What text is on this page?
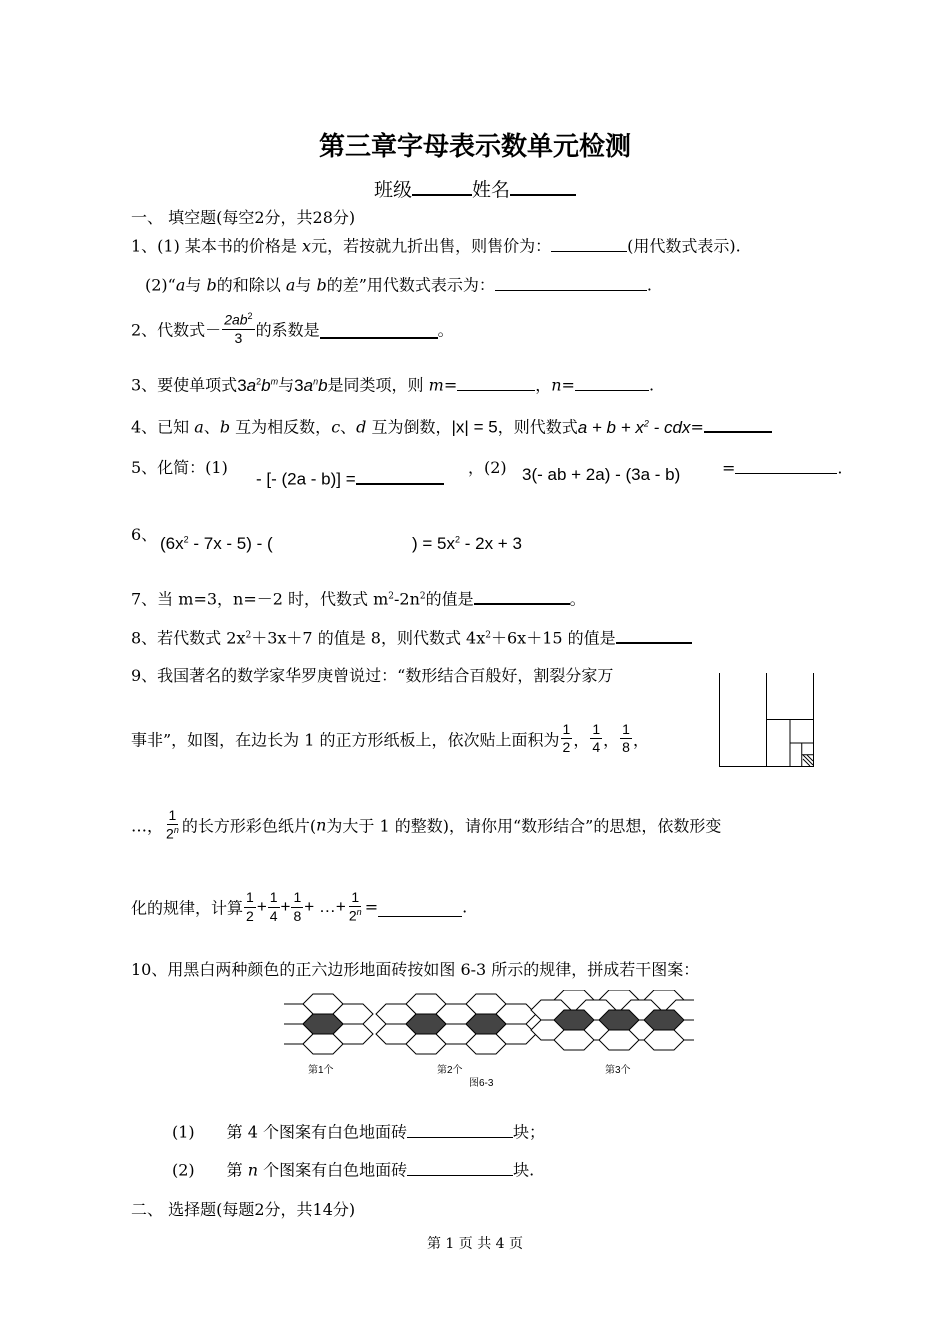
第三章字母表示数单元检测
班级	姓名
一、 填空题(每空2分，共28分)
1、(1) 某本书的价格是 x元，若按就九折出售，则售价为：	(用代数式表示).
(2)“a与 b的和除以 a与 b的差”用代数式表示为：	.
2、代数式－ $\frac{2ab^2}{3}$ 的系数是	。
3、要使单项式$3a^2b^m$与$3a^nb$是同类项，则 m=	，n=	.
4、已知 a、b 互为相反数，c、d 互为倒数，|x| = 5，则代数式$a + b + x^2 - cdx=$
5、化简：(1)
- [- (2a - b)] =
，(2) 3(- ab + 2a) - (3a - b)	=	.
6、 $(6x^2 - 7x - 5)$ - (	) = $5x^2 - 2x + 3$
7、当 m=3，n=－2 时，代数式 $m^2-2n^2$的值是	。
8、若代数式 $2x^2+3x+7$ 的值是 8，则代数式 $4x^2+6x+15$ 的值是
9、我国著名的数学家华罗庚曾说过：“数形结合百般好，割裂分家万
事非”，如图，在边长为 1 的正方形纸板上，依次贴上面积为 $\frac{1}{2}$ ， $\frac{1}{4}$ ， $\frac{1}{8}$ ，
…， $\frac{1}{2^n}$ 的长方形彩色纸片(n为大于 1 的整数)，请你用“数形结合”的思想，依数形变
化的规律，计算 $\frac{1}{2} + \frac{1}{4} + \frac{1}{8}$ + …+ $\frac{1}{2^n}$ =	.
10、用黑白两种颜色的正六边形地面砖按如图 6-3 所示的规律，拼成若干图案：
第1个	第2个	第3个
图6-3
(1)　　第 4 个图案有白色地面砖	块；
(2)　　第 n 个图案有白色地面砖	块.
二、 选择题(每题2分，共14分)
第 1 页 共 4 页
